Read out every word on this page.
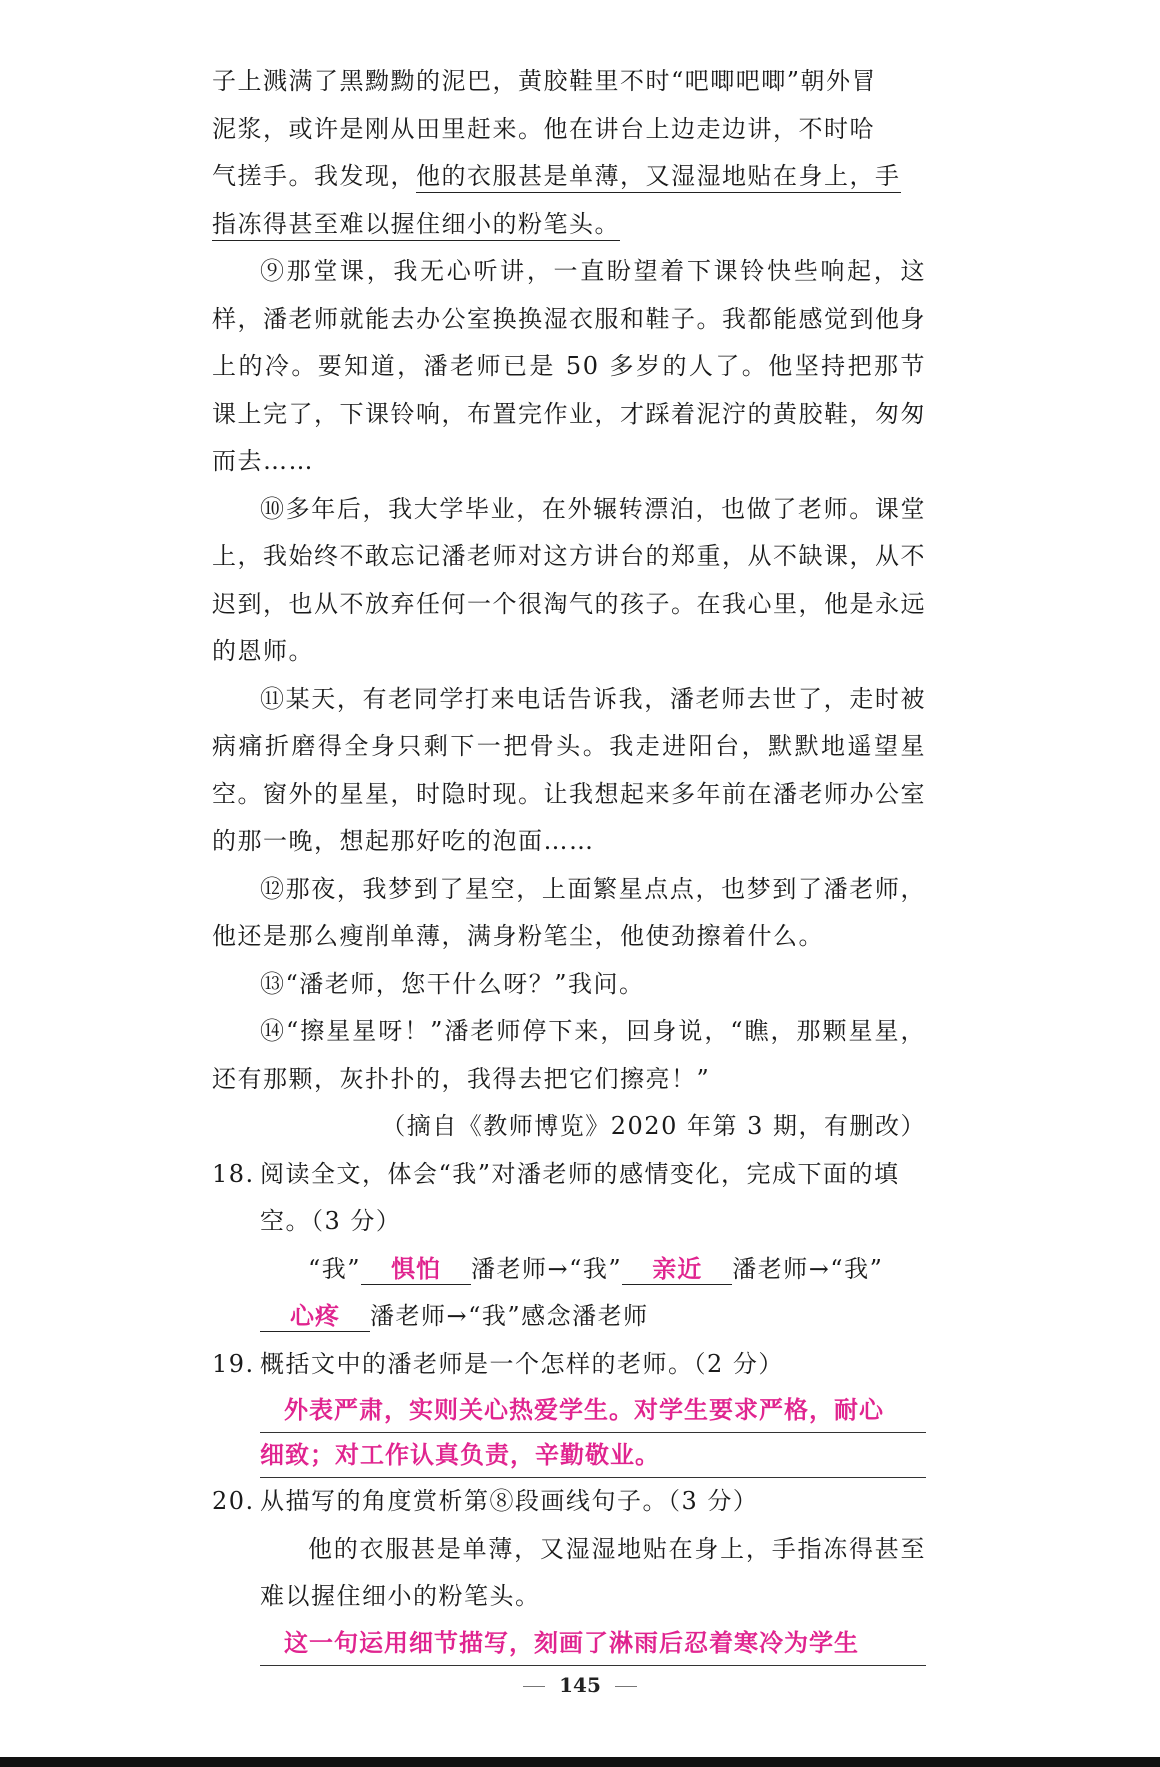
子上溅满了黑黝黝的泥巴，黄胶鞋里不时“吧唧吧唧”朝外冒
泥浆，或许是刚从田里赶来。他在讲台上边走边讲，不时哈
气搓手。我发现，他的衣服甚是单薄，又湿湿地贴在身上，手
指冻得甚至难以握住细小的粉笔头。

⑨那堂课，我无心听讲，一直盼望着下课铃快些响起，这样，潘老师就能去办公室换换湿衣服和鞋子。我都能感觉到他身上的冷。要知道，潘老师已是 50 多岁的人了。他坚持把那节课上完了，下课铃响，布置完作业，才踩着泥泞的黄胶鞋，匆匆而去……

⑩多年后，我大学毕业，在外辗转漂泊，也做了老师。课堂上，我始终不敢忘记潘老师对这方讲台的郑重，从不缺课，从不迟到，也从不放弃任何一个很淘气的孩子。在我心里，他是永远的恩师。

⑪某天，有老同学打来电话告诉我，潘老师去世了，走时被病痛折磨得全身只剩下一把骨头。我走进阳台，默默地遥望星空。窗外的星星，时隐时现。让我想起来多年前在潘老师办公室的那一晚，想起那好吃的泡面……

⑫那夜，我梦到了星空，上面繁星点点，也梦到了潘老师，他还是那么瘦削单薄，满身粉笔尘，他使劲擦着什么。

⑬“潘老师，您干什么呀？”我问。

⑭“擦星星呀！”潘老师停下来，回身说，“瞧，那颗星星，还有那颗，灰扑扑的，我得去把它们擦亮！”

（摘自《教师博览》2020 年第 3 期，有删改）

18. 阅读全文，体会“我”对潘老师的感情变化，完成下面的填空。（3 分）

“我” 惧怕 潘老师→“我” 亲近 潘老师→“我”
心疼 潘老师→“我”感念潘老师

19. 概括文中的潘老师是一个怎样的老师。（2 分）

外表严肃，实则关心热爱学生。对学生要求严格，耐心
细致；对工作认真负责，辛勤敬业。

20. 从描写的角度赏析第⑧段画线句子。（3 分）

他的衣服甚是单薄，又湿湿地贴在身上，手指冻得甚至难以握住细小的粉笔头。

这一句运用细节描写，刻画了淋雨后忍着寒冷为学生
145
